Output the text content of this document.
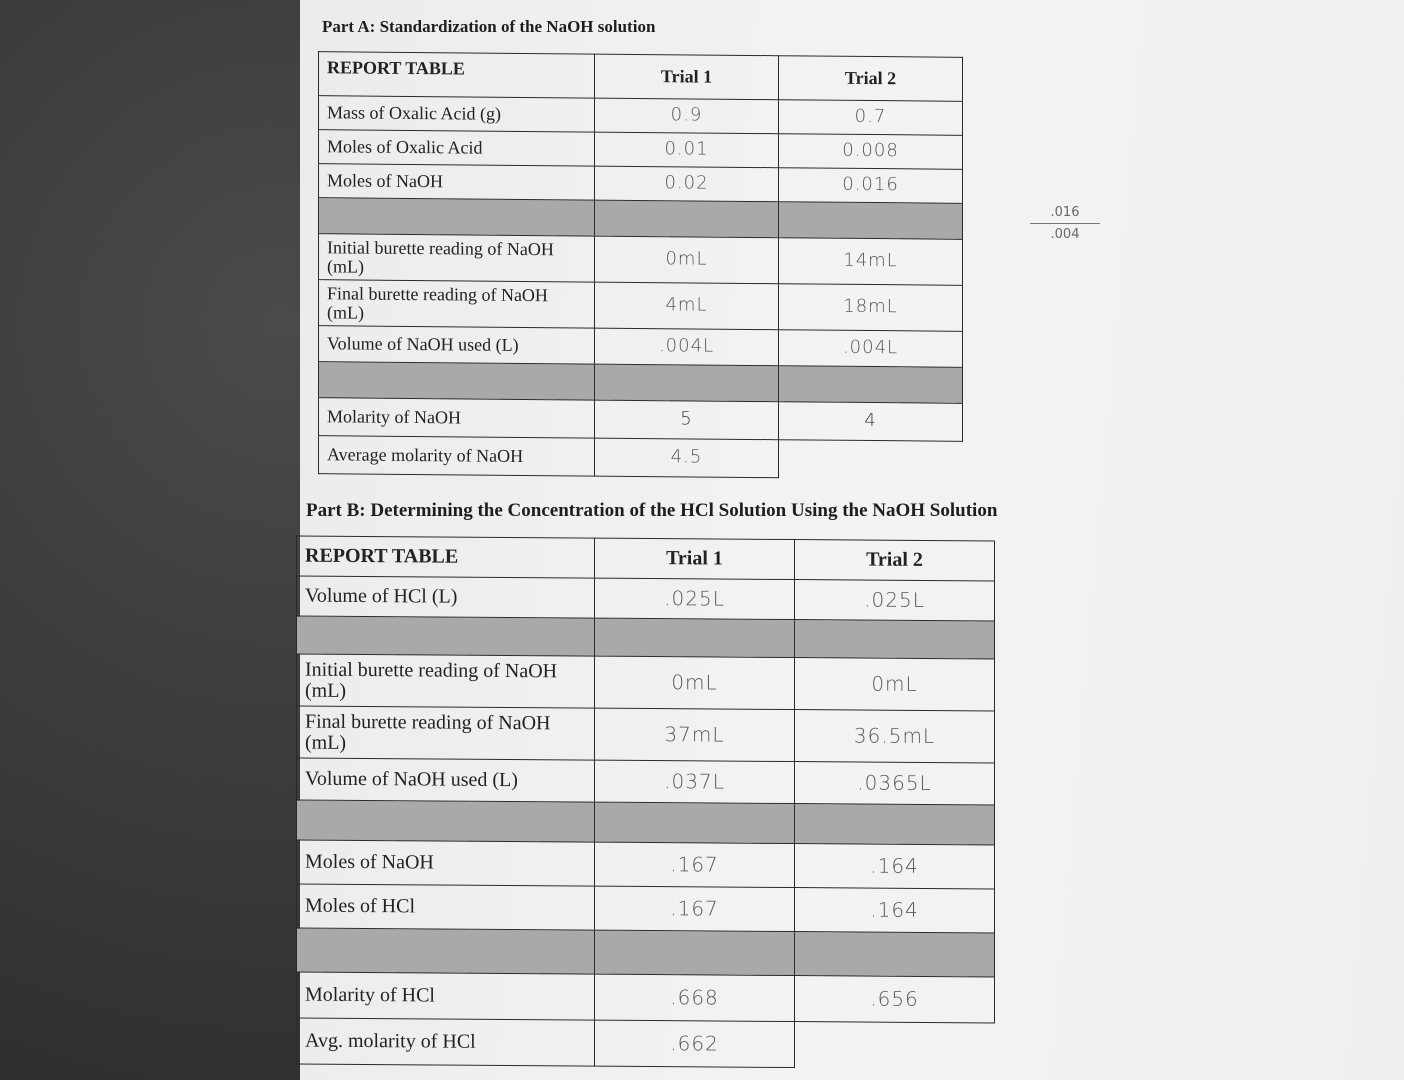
Part A: Standardization of the NaOH solution
REPORT TABLE	Trial 1	Trial 2
Mass of Oxalic Acid (g)	0.9	0.7
Moles of Oxalic Acid	0.01	0.008
Moles of NaOH	0.02	0.016

Initial burette reading of NaOH (mL)	0mL	14mL
Final burette reading of NaOH (mL)	4mL	18mL
Volume of NaOH used (L)	.004L	.004L

Molarity of NaOH	5	4
Average molarity of NaOH	4.5	
.016
.004
Part B: Determining the Concentration of the HCl Solution Using the NaOH Solution
REPORT TABLE	Trial 1	Trial 2
Volume of HCl (L)	.025L	.025L

Initial burette reading of NaOH (mL)	0mL	0mL
Final burette reading of NaOH (mL)	37mL	36.5mL
Volume of NaOH used (L)	.037L	.0365L

Moles of NaOH	.167	.164
Moles of HCl	.167	.164

Molarity of HCl	.668	.656
Avg. molarity of HCl	.662	
